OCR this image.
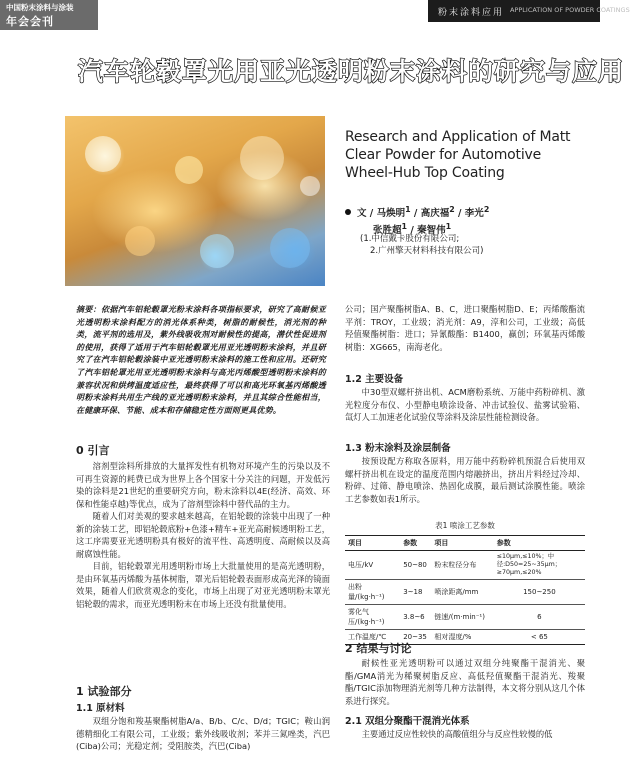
中国粉末涂料与涂装
年会会刊
粉末涂料应用 APPLICATION OF POWDER COATINGS
汽车轮毂罩光用亚光透明粉末涂料的研究与应用
Research and Application of Matt
Clear Powder for Automotive
Wheel-Hub Top Coating
文 / 马焕明$^1$ / 高庆福$^2$ / 李光$^2$
张胜超$^1$ / 秦智伟$^1$
(1.中信戴卡股份有限公司;
2.广州擎天材料科技有限公司)
摘要：依据汽车铝轮毂罩光粉末涂料各项指标要求，研究了高耐候亚光透明粉末涂料配方的消光体系种类，树脂的耐候性，消光剂的种类，流平剂的选用及，紫外线吸收剂对耐候性的提高，潜伏性促进剂的使用，获得了适用于汽车铝轮毂罩光用亚光透明粉末涂料，并且研究了在汽车铝轮毂涂装中亚光透明粉末涂料的施工性和应用。还研究了汽车铝轮罩光用亚光透明粉末涂料与高光丙烯酸型透明粉末涂料的兼容状况和烘烤温度适应性，最终获得了可以和高光环氧基丙烯酸透明粉末涂料共用生产线的亚光透明粉末涂料，并且其综合性能相当，在健康环保、节能、成本和存储稳定性方面则更具优势。
0 引言

溶剂型涂料所排放的大量挥发性有机物对环境产生的污染以及不可再生资源的耗费已成为世界上各个国家十分关注的问题，开发低污染的涂料是21世纪的重要研究方向，粉末涂料以4E(经济、高效、环保和性能卓越)等优点，成为了溶剂型涂料中替代品的主力。

随着人们对美观的要求越来越高，在铝轮毂的涂装中出现了一种新的涂装工艺，即铝轮毂底粉+色漆+精车+亚光高耐候透明粉工艺，这工序需要亚光透明粉具有极好的流平性、高透明度、高耐候以及高耐腐蚀性能。

目前，铝轮毂罩光用透明粉市场上大批量使用的是高光透明粉，是由环氧基丙烯酸为基体树脂，罩光后铝轮毂表面形成高光泽的镜面效果，随着人们欣赏观念的变化，市场上出现了对亚光透明粉末罩光铝轮毂的需求，而亚光透明粉末在市场上还没有批量使用。

1 试验部分
1.1 原材料

双组分饱和羧基聚酯树脂A/a、B/b、C/c、D/d；TGIC；鞍山润德精细化工有限公司，工业级；紫外线吸收剂；苯并三氮唑类，汽巴(Ciba)公司；光稳定剂；受阻胺类，汽巴(Ciba)

公司；国产聚酯树脂A、B、C，进口聚酯树脂D、E；丙烯酸酯流平剂：TROY，工业级；消光剂：A9，淳和公司，工业级；高低羟值聚酯树脂：进口；异氰酸酯：B1400，赢创；环氧基丙烯酸树脂：XG665，南海老化。

1.2 主要设备

中30型双螺杆挤出机、ACM磨粉系统、万能中药粉碎机、激光粒度分布仪、小型静电喷涂设备、冲击试验仪、盐雾试验箱、氙灯人工加速老化试验仪等涂料及涂层性能检测设备。

1.3 粉末涂料及涂层制备

按预设配方称取各原料，用万能中药粉碎机预混合后使用双螺杆挤出机在设定的温度范围内熔融挤出，挤出片料经过冷却、粉碎、过筛、静电喷涂、热固化成膜，最后测试涂膜性能。喷涂工艺参数如表1所示。

表1 喷涂工艺参数
项目	参数	项目	参数
电压/kV	50~80	粉末粒径分布	≤10μm,≤10%；中径:D50=25~35μm；≥70μm,≤20%
出粉量/(kg·h⁻¹)	3~18	喷涂距离/mm	150~250
雾化气压/(kg·h⁻¹)	3.8~6	链速/(m·min⁻¹)	6
工作温度/℃	20~35	相对湿度/%	< 65
2 结果与讨论

耐候性亚光透明粉可以通过双组分纯聚酯干混消光、聚酯/GMA消光为稀聚树脂反应、高低羟值聚酯干混消光、羧聚酯/TGIC添加物理消光剂等几种方法制得，本文将分别从这几个体系进行探究。

2.1 双组分聚酯干混消光体系

主要通过反应性较快的高酸值组分与反应性较慢的低
